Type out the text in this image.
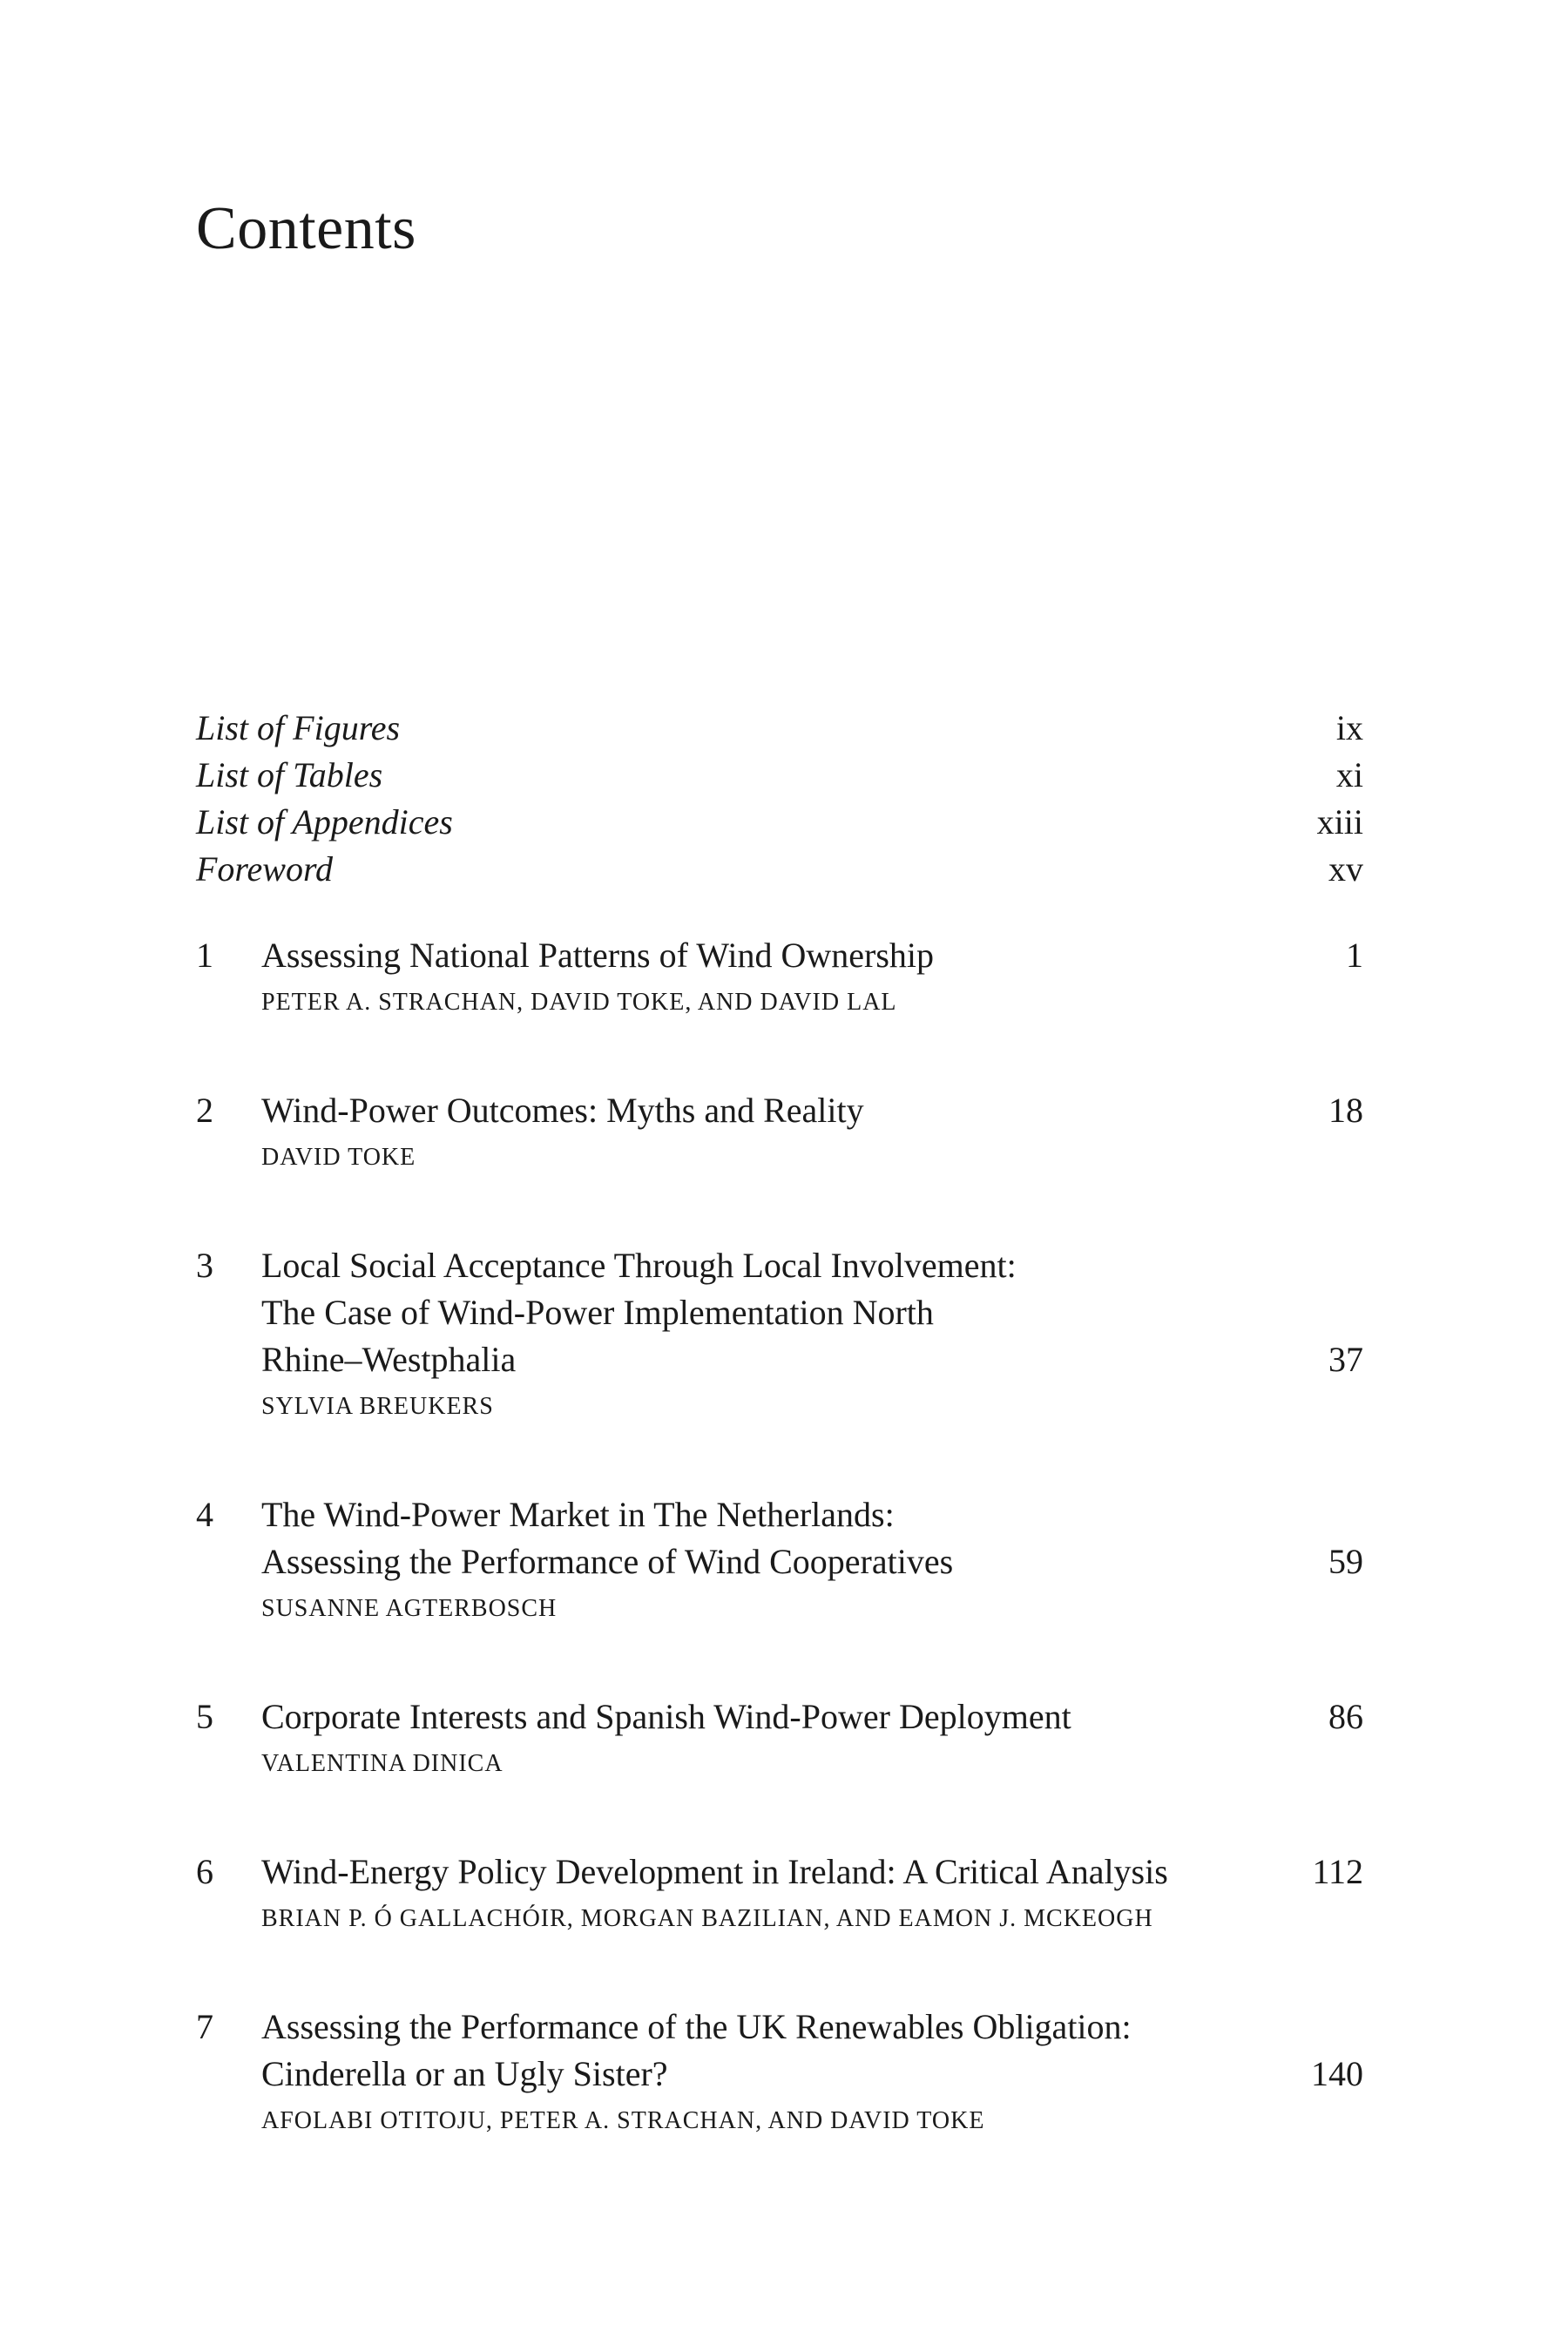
Contents
List of Figures	ix
List of Tables	xi
List of Appendices	xiii
Foreword	xv
1 Assessing National Patterns of Wind Ownership	1
PETER A. STRACHAN, DAVID TOKE, AND DAVID LAL
2 Wind-Power Outcomes: Myths and Reality	18
DAVID TOKE
3 Local Social Acceptance Through Local Involvement:
The Case of Wind-Power Implementation North
Rhine–Westphalia	37
SYLVIA BREUKERS
4 The Wind-Power Market in The Netherlands:
Assessing the Performance of Wind Cooperatives	59
SUSANNE AGTERBOSCH
5 Corporate Interests and Spanish Wind-Power Deployment	86
VALENTINA DINICA
6 Wind-Energy Policy Development in Ireland: A Critical Analysis	112
BRIAN P. Ó GALLACHÓIR, MORGAN BAZILIAN, AND EAMON J. MCKEOGH
7 Assessing the Performance of the UK Renewables Obligation:
Cinderella or an Ugly Sister?	140
AFOLABI OTITOJU, PETER A. STRACHAN, AND DAVID TOKE
